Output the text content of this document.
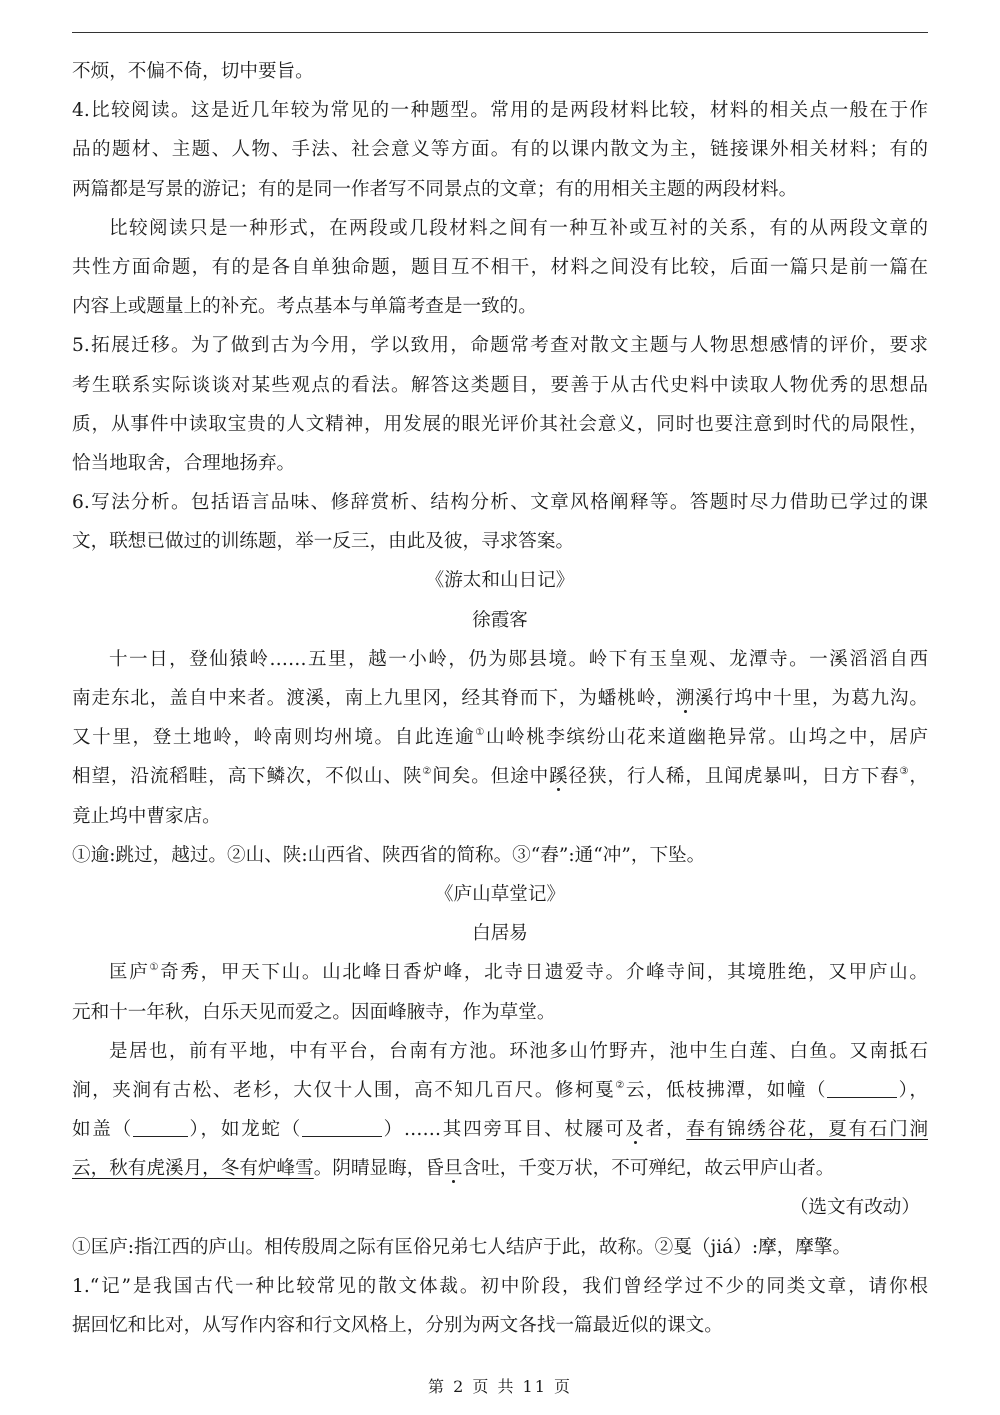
不烦，不偏不倚，切中要旨。
4.比较阅读。这是近几年较为常见的一种题型。常用的是两段材料比较，材料的相关点一般在于作
品的题材、主题、人物、手法、社会意义等方面。有的以课内散文为主，链接课外相关材料；有的
两篇都是写景的游记；有的是同一作者写不同景点的文章；有的用相关主题的两段材料。
比较阅读只是一种形式，在两段或几段材料之间有一种互补或互衬的关系，有的从两段文章的
共性方面命题，有的是各自单独命题，题目互不相干，材料之间没有比较，后面一篇只是前一篇在
内容上或题量上的补充。考点基本与单篇考查是一致的。
5.拓展迁移。为了做到古为今用，学以致用，命题常考查对散文主题与人物思想感情的评价，要求
考生联系实际谈谈对某些观点的看法。解答这类题目，要善于从古代史料中读取人物优秀的思想品
质，从事件中读取宝贵的人文精神，用发展的眼光评价其社会意义，同时也要注意到时代的局限性，
恰当地取舍，合理地扬弃。
6.写法分析。包括语言品味、修辞赏析、结构分析、文章风格阐释等。答题时尽力借助已学过的课
文，联想已做过的训练题，举一反三，由此及彼，寻求答案。
《游太和山日记》
徐霞客
十一日，登仙猿岭……五里，越一小岭，仍为郧县境。岭下有玉皇观、龙潭寺。一溪滔滔自西
南走东北，盖自中来者。渡溪，南上九里冈，经其脊而下，为蟠桃岭，溯溪行坞中十里，为葛九沟。
又十里，登土地岭，岭南则均州境。自此连逾①山岭桃李缤纷山花来道幽艳异常。山坞之中，居庐
相望，沿流稻畦，高下鳞次，不似山、陕②间矣。但途中蹊径狭，行人稀，且闻虎暴叫，日方下舂③，
竟止坞中曹家店。
①逾:跳过，越过。②山、陕:山西省、陕西省的简称。③“舂”:通“冲”，下坠。
《庐山草堂记》
白居易
匡庐①奇秀，甲天下山。山北峰日香炉峰，北寺日遗爱寺。介峰寺间，其境胜绝，又甲庐山。
元和十一年秋，白乐天见而爱之。因面峰腋寺，作为草堂。
是居也，前有平地，中有平台，台南有方池。环池多山竹野卉，池中生白莲、白鱼。又南抵石
涧，夹涧有古松、老杉，大仅十人围，高不知几百尺。修柯戛②云，低枝拂潭，如幢（	），
如盖（	），如龙蛇（	）……其四旁耳目、杖屦可及者，春有锦绣谷花，夏有石门涧
云，秋有虎溪月，冬有炉峰雪。阴晴显晦，昏旦含吐，千变万状，不可殚纪，故云甲庐山者。
（选文有改动）
①匡庐:指江西的庐山。相传殷周之际有匡俗兄弟七人结庐于此，故称。②戛（jiá）:摩，摩擎。
1.“记”是我国古代一种比较常见的散文体裁。初中阶段，我们曾经学过不少的同类文章，请你根
据回忆和比对，从写作内容和行文风格上，分别为两文各找一篇最近似的课文。
第 2 页 共 11 页
